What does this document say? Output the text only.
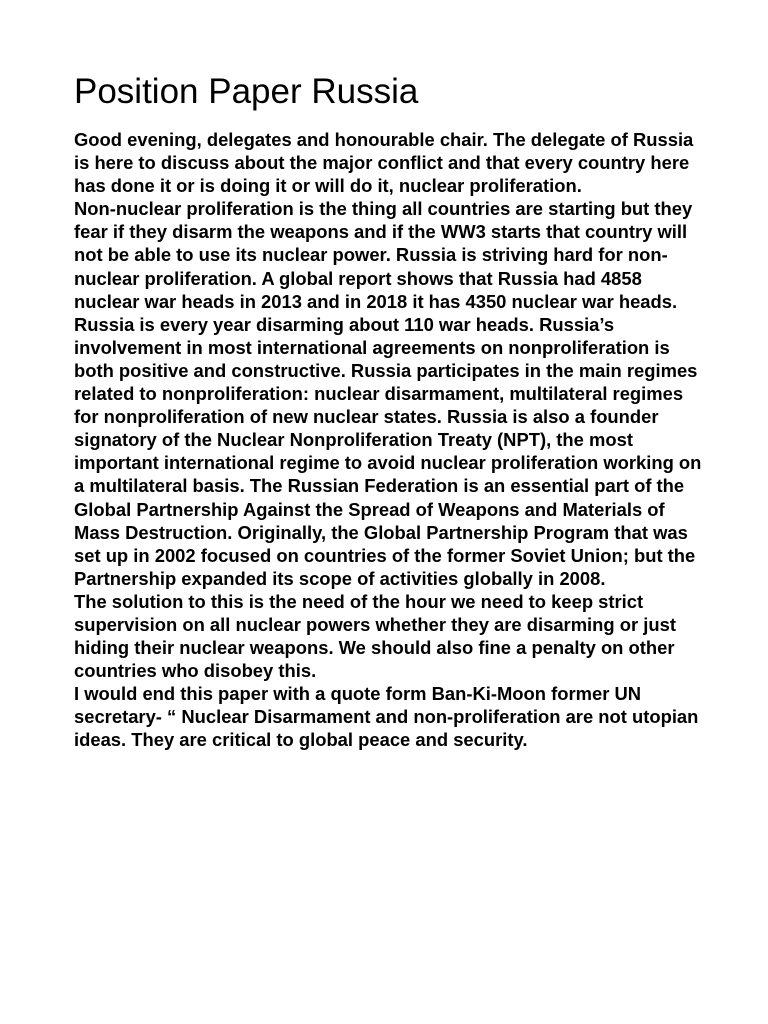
Position Paper Russia

Good evening, delegates and honourable chair. The delegate of Russia is here to discuss about the major conflict and that every country here has done it or is doing it or will do it, nuclear proliferation.

Non-nuclear proliferation is the thing all countries are starting but they fear if they disarm the weapons and if the WW3 starts that country will not be able to use its nuclear power. Russia is striving hard for non-nuclear proliferation. A global report shows that Russia had 4858 nuclear war heads in 2013 and in 2018 it has 4350 nuclear war heads. Russia is every year disarming about 110 war heads. Russia’s involvement in most international agreements on nonproliferation is both positive and constructive. Russia participates in the main regimes related to nonproliferation: nuclear disarmament, multilateral regimes for nonproliferation of new nuclear states. Russia is also a founder signatory of the Nuclear Nonproliferation Treaty (NPT), the most important international regime to avoid nuclear proliferation working on a multilateral basis. The Russian Federation is an essential part of the Global Partnership Against the Spread of Weapons and Materials of Mass Destruction. Originally, the Global Partnership Program that was set up in 2002 focused on countries of the former Soviet Union; but the Partnership expanded its scope of activities globally in 2008.

The solution to this is the need of the hour we need to keep strict supervision on all nuclear powers whether they are disarming or just hiding their nuclear weapons. We should also fine a penalty on other countries who disobey this.

I would end this paper with a quote form Ban-Ki-Moon former UN secretary- “ Nuclear Disarmament and non-proliferation are not utopian ideas. They are critical to global peace and security.
